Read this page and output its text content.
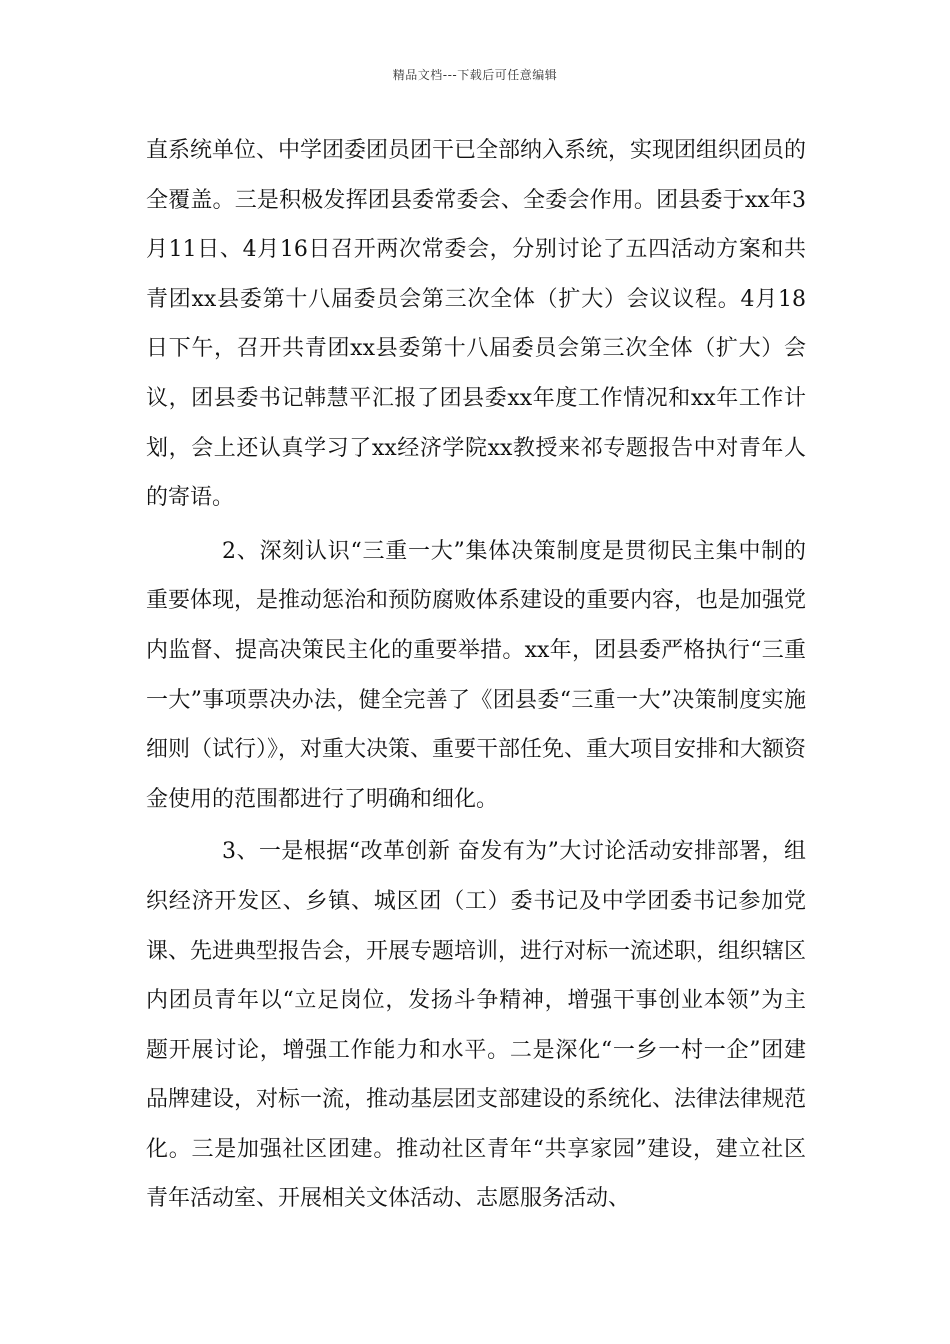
精品文档---下载后可任意编辑

直系统单位、中学团委团员团干已全部纳入系统，实现团组织团员的全覆盖。三是积极发挥团县委常委会、全委会作用。团县委于xx年3月11日、4月16日召开两次常委会，分别讨论了五四活动方案和共青团xx县委第十八届委员会第三次全体（扩大）会议议程。4月18日下午，召开共青团xx县委第十八届委员会第三次全体（扩大）会议，团县委书记韩慧平汇报了团县委xx年度工作情况和xx年工作计划，会上还认真学习了xx经济学院xx教授来祁专题报告中对青年人的寄语。

2、深刻认识“三重一大”集体决策制度是贯彻民主集中制的重要体现，是推动惩治和预防腐败体系建设的重要内容，也是加强党内监督、提高决策民主化的重要举措。xx年，团县委严格执行“三重一大”事项票决办法，健全完善了《团县委“三重一大”决策制度实施细则（试行）》，对重大决策、重要干部任免、重大项目安排和大额资金使用的范围都进行了明确和细化。

3、一是根据“改革创新 奋发有为”大讨论活动安排部署，组织经济开发区、乡镇、城区团（工）委书记及中学团委书记参加党课、先进典型报告会，开展专题培训，进行对标一流述职，组织辖区内团员青年以“立足岗位，发扬斗争精神，增强干事创业本领”为主题开展讨论，增强工作能力和水平。二是深化“一乡一村一企”团建品牌建设，对标一流，推动基层团支部建设的系统化、法律法律规范化。三是加强社区团建。推动社区青年“共享家园”建设，建立社区青年活动室、开展相关文体活动、志愿服务活动、
